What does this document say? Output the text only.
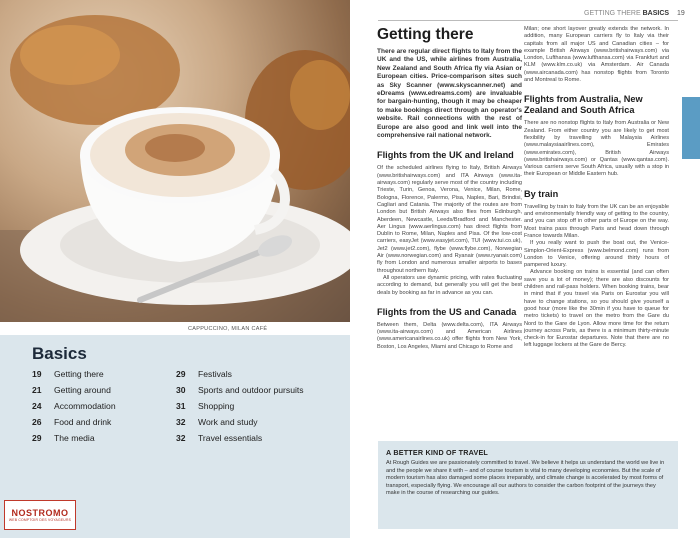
CAPPUCCINO, MILAN CAFÉ
Basics
19	Getting there
21	Getting around
24	Accommodation
26	Food and drink
29	The media
29	Festivals
30	Sports and outdoor pursuits
31	Shopping
32	Work and study
32	Travel essentials
NOSTROMO
WEB COMPTOIR DES VOYAGEURS
GETTING THERE BASICS 19
Getting there

There are regular direct flights to Italy from the UK and the US, while airlines from Australia, New Zealand and South Africa fly via Asian or European cities. Price-comparison sites such as Sky Scanner (www.skyscanner.net) and eDreams (www.edreams.com) are invaluable for bargain-hunting, though it may be cheaper to make bookings direct through an operator's website. Rail connections with the rest of Europe are also good and link well into the comprehensive rail national network.

Flights from the UK and Ireland

Of the scheduled airlines flying to Italy, British Airways (www.britishairways.com) and ITA Airways (www.ita-airways.com) regularly serve most of the country including Trieste, Turin, Genoa, Verona, Venice, Milan, Rome, Bologna, Florence, Palermo, Pisa, Naples, Bari, Brindisi, Cagliari and Catania. The majority of the routes are from London but British Airways also flies from Edinburgh, Aberdeen, Newcastle, Leeds/Bradford and Manchester. Aer Lingus (www.aerlingus.com) has direct flights from Dublin to Rome, Milan, Naples and Pisa. Of the low-cost carriers, easyJet (www.easyjet.com), TUI (www.tui.co.uk), Jet2 (www.jet2.com), flybe (www.flybe.com), Norwegian Air (www.norwegian.com) and Ryanair (www.ryanair.com) fly from London and numerous smaller airports to bases throughout northern Italy.

All operators use dynamic pricing, with rates fluctuating according to demand, but generally you will get the best deals by booking as far in advance as you can.

Flights from the US and Canada

Between them, Delta (www.delta.com), ITA Airways (www.ita-airways.com) and American Airlines (www.americanairlines.co.uk) offer flights from New York, Boston, Los Angeles, Miami and Chicago to Rome and

Milan; one short layover greatly extends the network. In addition, many European carriers fly to Italy via their capitals from all major US and Canadian cities – for example British Airways (www.britishairways.com) via London, Lufthansa (www.lufthansa.com) via Frankfurt and KLM (www.klm.co.uk) via Amsterdam. Air Canada (www.aircanada.com) has nonstop flights from Toronto and Montreal to Rome.

Flights from Australia, New Zealand and South Africa

There are no nonstop flights to Italy from Australia or New Zealand. From either country you are likely to get most flexibility by travelling with Malaysia Airlines (www.malaysiaairlines.com), Emirates (www.emirates.com), British Airways (www.britishairways.com) or Qantas (www.qantas.com). Various carriers serve South Africa, usually with a stop in their European or Middle Eastern hub.

By train

Travelling by train to Italy from the UK can be an enjoyable and environmentally friendly way of getting to the country, and you can stop off in other parts of Europe on the way. Most trains pass through Paris and head down through France towards Milan.

If you really want to push the boat out, the Venice-Simplon-Orient-Express (www.belmond.com) runs from London to Venice, offering around thirty hours of pampered luxury.

Advance booking on trains is essential (and can often save you a lot of money); there are also discounts for children and rail-pass holders. When booking trains, bear in mind that if you travel via Paris on Eurostar you will have to change stations, so you should give yourself a good hour (more like the 30min if you have to queue for metro tickets) to travel on the metro from the Gare du Nord to the Gare de Lyon. Allow more time for the return journey across Paris, as there is a minimum thirty-minute check-in for Eurostar departures. Note that there are no left luggage lockers at the Gare de Bercy.

A BETTER KIND OF TRAVEL
At Rough Guides we are passionately committed to travel. We believe it helps us understand the world we live in and the people we share it with – and of course tourism is vital to many developing economies. But the scale of modern tourism has also damaged some places irreparably, and climate change is accelerated by most forms of transport, especially flying. We encourage all our authors to consider the carbon footprint of the journeys they make in the course of researching our guides.
